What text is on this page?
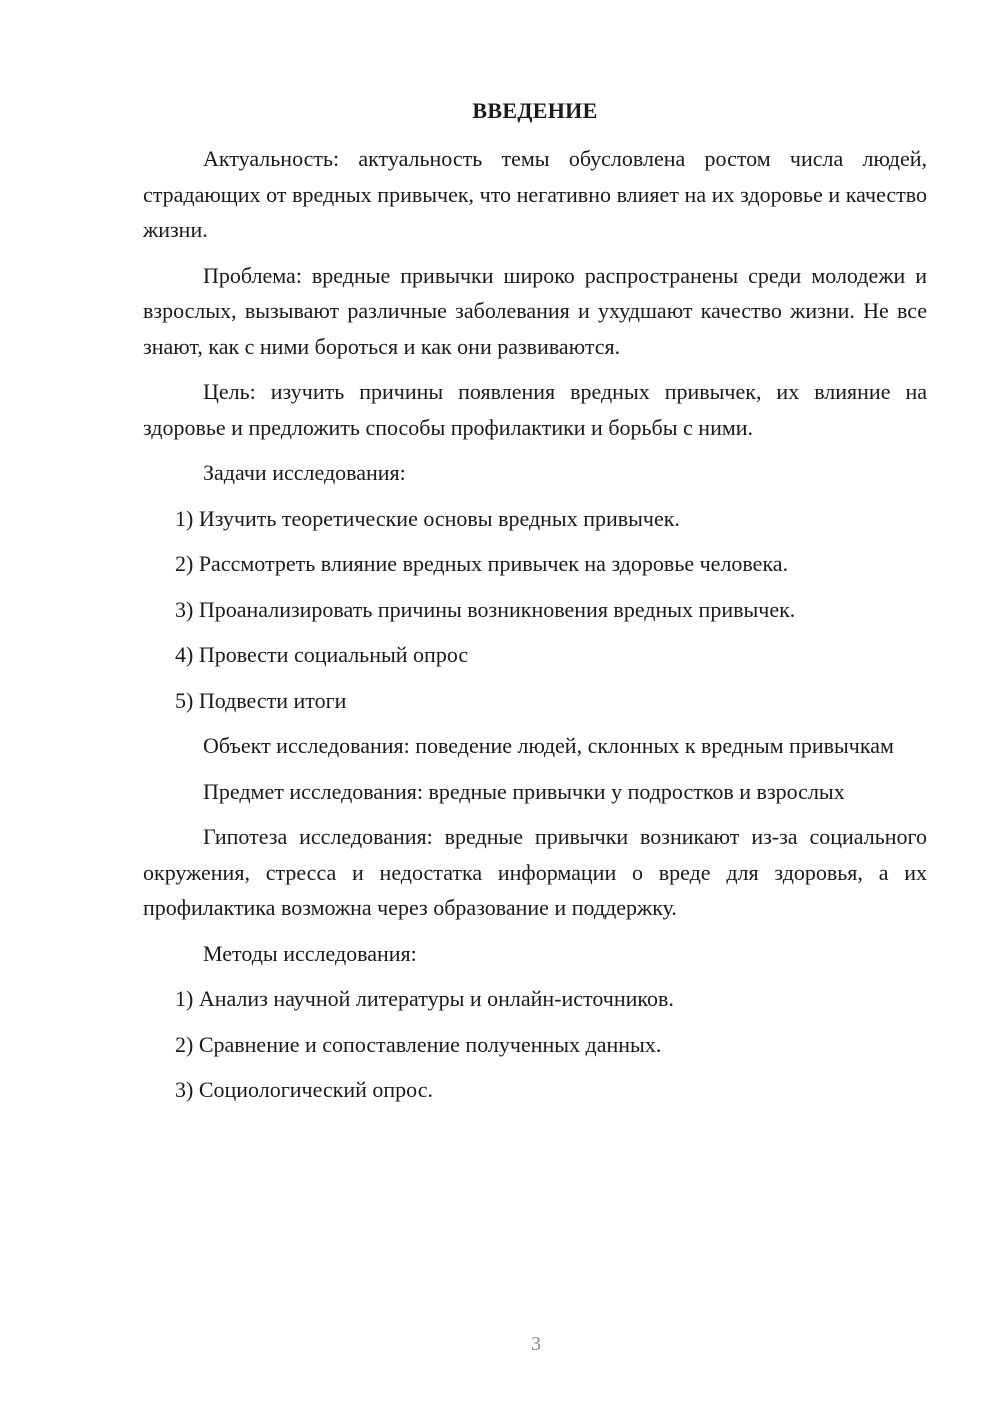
ВВЕДЕНИЕ

Актуальность: актуальность темы обусловлена ростом числа людей, страдающих от вредных привычек, что негативно влияет на их здоровье и качество жизни.

Проблема: вредные привычки широко распространены среди молодежи и взрослых, вызывают различные заболевания и ухудшают качество жизни. Не все знают, как с ними бороться и как они развиваются.

Цель: изучить причины появления вредных привычек, их влияние на здоровье и предложить способы профилактики и борьбы с ними.

Задачи исследования:

1) Изучить теоретические основы вредных привычек.
2) Рассмотреть влияние вредных привычек на здоровье человека.
3) Проанализировать причины возникновения вредных привычек.
4) Провести социальный опрос
5) Подвести итоги

Объект исследования: поведение людей, склонных к вредным привычкам

Предмет исследования: вредные привычки у подростков и взрослых

Гипотеза исследования: вредные привычки возникают из-за социального окружения, стресса и недостатка информации о вреде для здоровья, а их профилактика возможна через образование и поддержку.

Методы исследования:

1) Анализ научной литературы и онлайн-источников.
2) Сравнение и сопоставление полученных данных.
3) Социологический опрос.
3
